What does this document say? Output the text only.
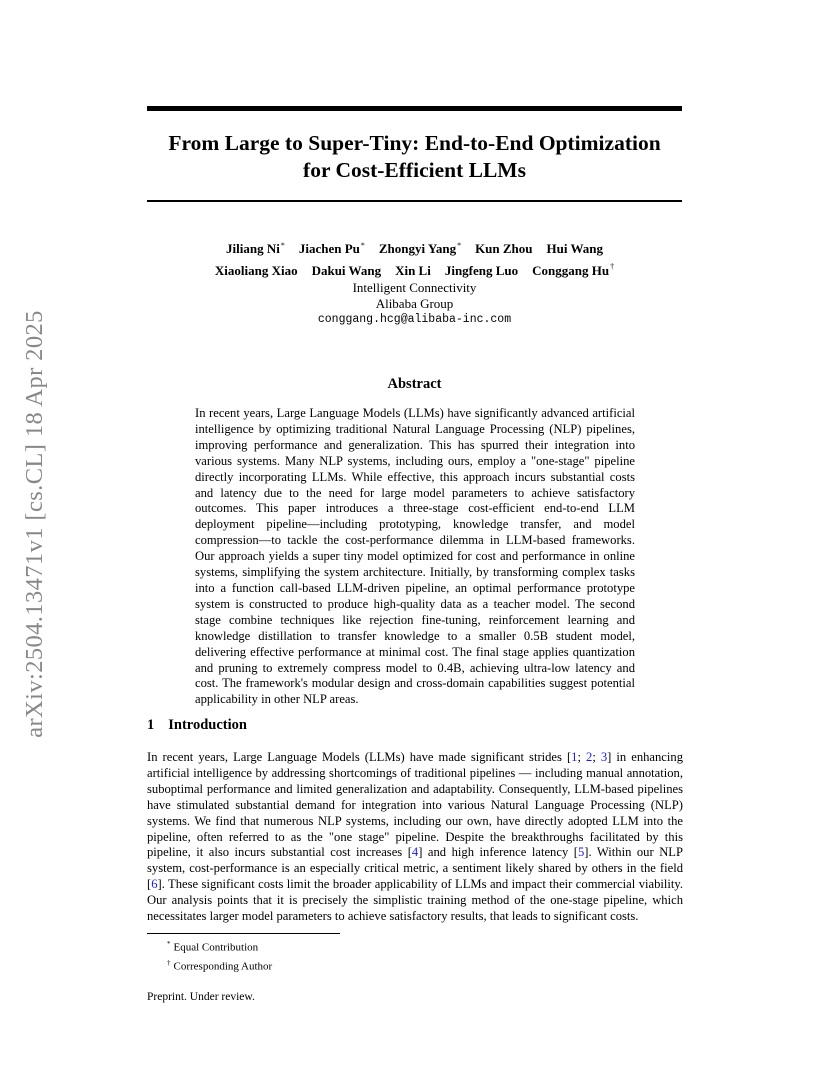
arXiv:2504.13471v1 [cs.CL] 18 Apr 2025
From Large to Super-Tiny: End-to-End Optimization
for Cost-Efficient LLMs
Jiliang Ni* Jiachen Pu* Zhongyi Yang* Kun Zhou Hui Wang
Xiaoliang Xiao Dakui Wang Xin Li Jingfeng Luo Conggang Hu†
Intelligent Connectivity
Alibaba Group
conggang.hcg@alibaba-inc.com
Abstract
In recent years, Large Language Models (LLMs) have significantly advanced artificial intelligence by optimizing traditional Natural Language Processing (NLP) pipelines, improving performance and generalization. This has spurred their integration into various systems. Many NLP systems, including ours, employ a "one-stage" pipeline directly incorporating LLMs. While effective, this approach incurs substantial costs and latency due to the need for large model parameters to achieve satisfactory outcomes. This paper introduces a three-stage cost-efficient end-to-end LLM deployment pipeline—including prototyping, knowledge transfer, and model compression—to tackle the cost-performance dilemma in LLM-based frameworks. Our approach yields a super tiny model optimized for cost and performance in online systems, simplifying the system architecture. Initially, by transforming complex tasks into a function call-based LLM-driven pipeline, an optimal performance prototype system is constructed to produce high-quality data as a teacher model. The second stage combine techniques like rejection fine-tuning, reinforcement learning and knowledge distillation to transfer knowledge to a smaller 0.5B student model, delivering effective performance at minimal cost. The final stage applies quantization and pruning to extremely compress model to 0.4B, achieving ultra-low latency and cost. The framework's modular design and cross-domain capabilities suggest potential applicability in other NLP areas.
1 Introduction
In recent years, Large Language Models (LLMs) have made significant strides [1; 2; 3] in enhancing artificial intelligence by addressing shortcomings of traditional pipelines — including manual annotation, suboptimal performance and limited generalization and adaptability. Consequently, LLM-based pipelines have stimulated substantial demand for integration into various Natural Language Processing (NLP) systems. We find that numerous NLP systems, including our own, have directly adopted LLM into the pipeline, often referred to as the "one stage" pipeline. Despite the breakthroughs facilitated by this pipeline, it also incurs substantial cost increases [4] and high inference latency [5]. Within our NLP system, cost-performance is an especially critical metric, a sentiment likely shared by others in the field [6]. These significant costs limit the broader applicability of LLMs and impact their commercial viability. Our analysis points that it is precisely the simplistic training method of the one-stage pipeline, which necessitates larger model parameters to achieve satisfactory results, that leads to significant costs.
* Equal Contribution
† Corresponding Author
Preprint. Under review.
